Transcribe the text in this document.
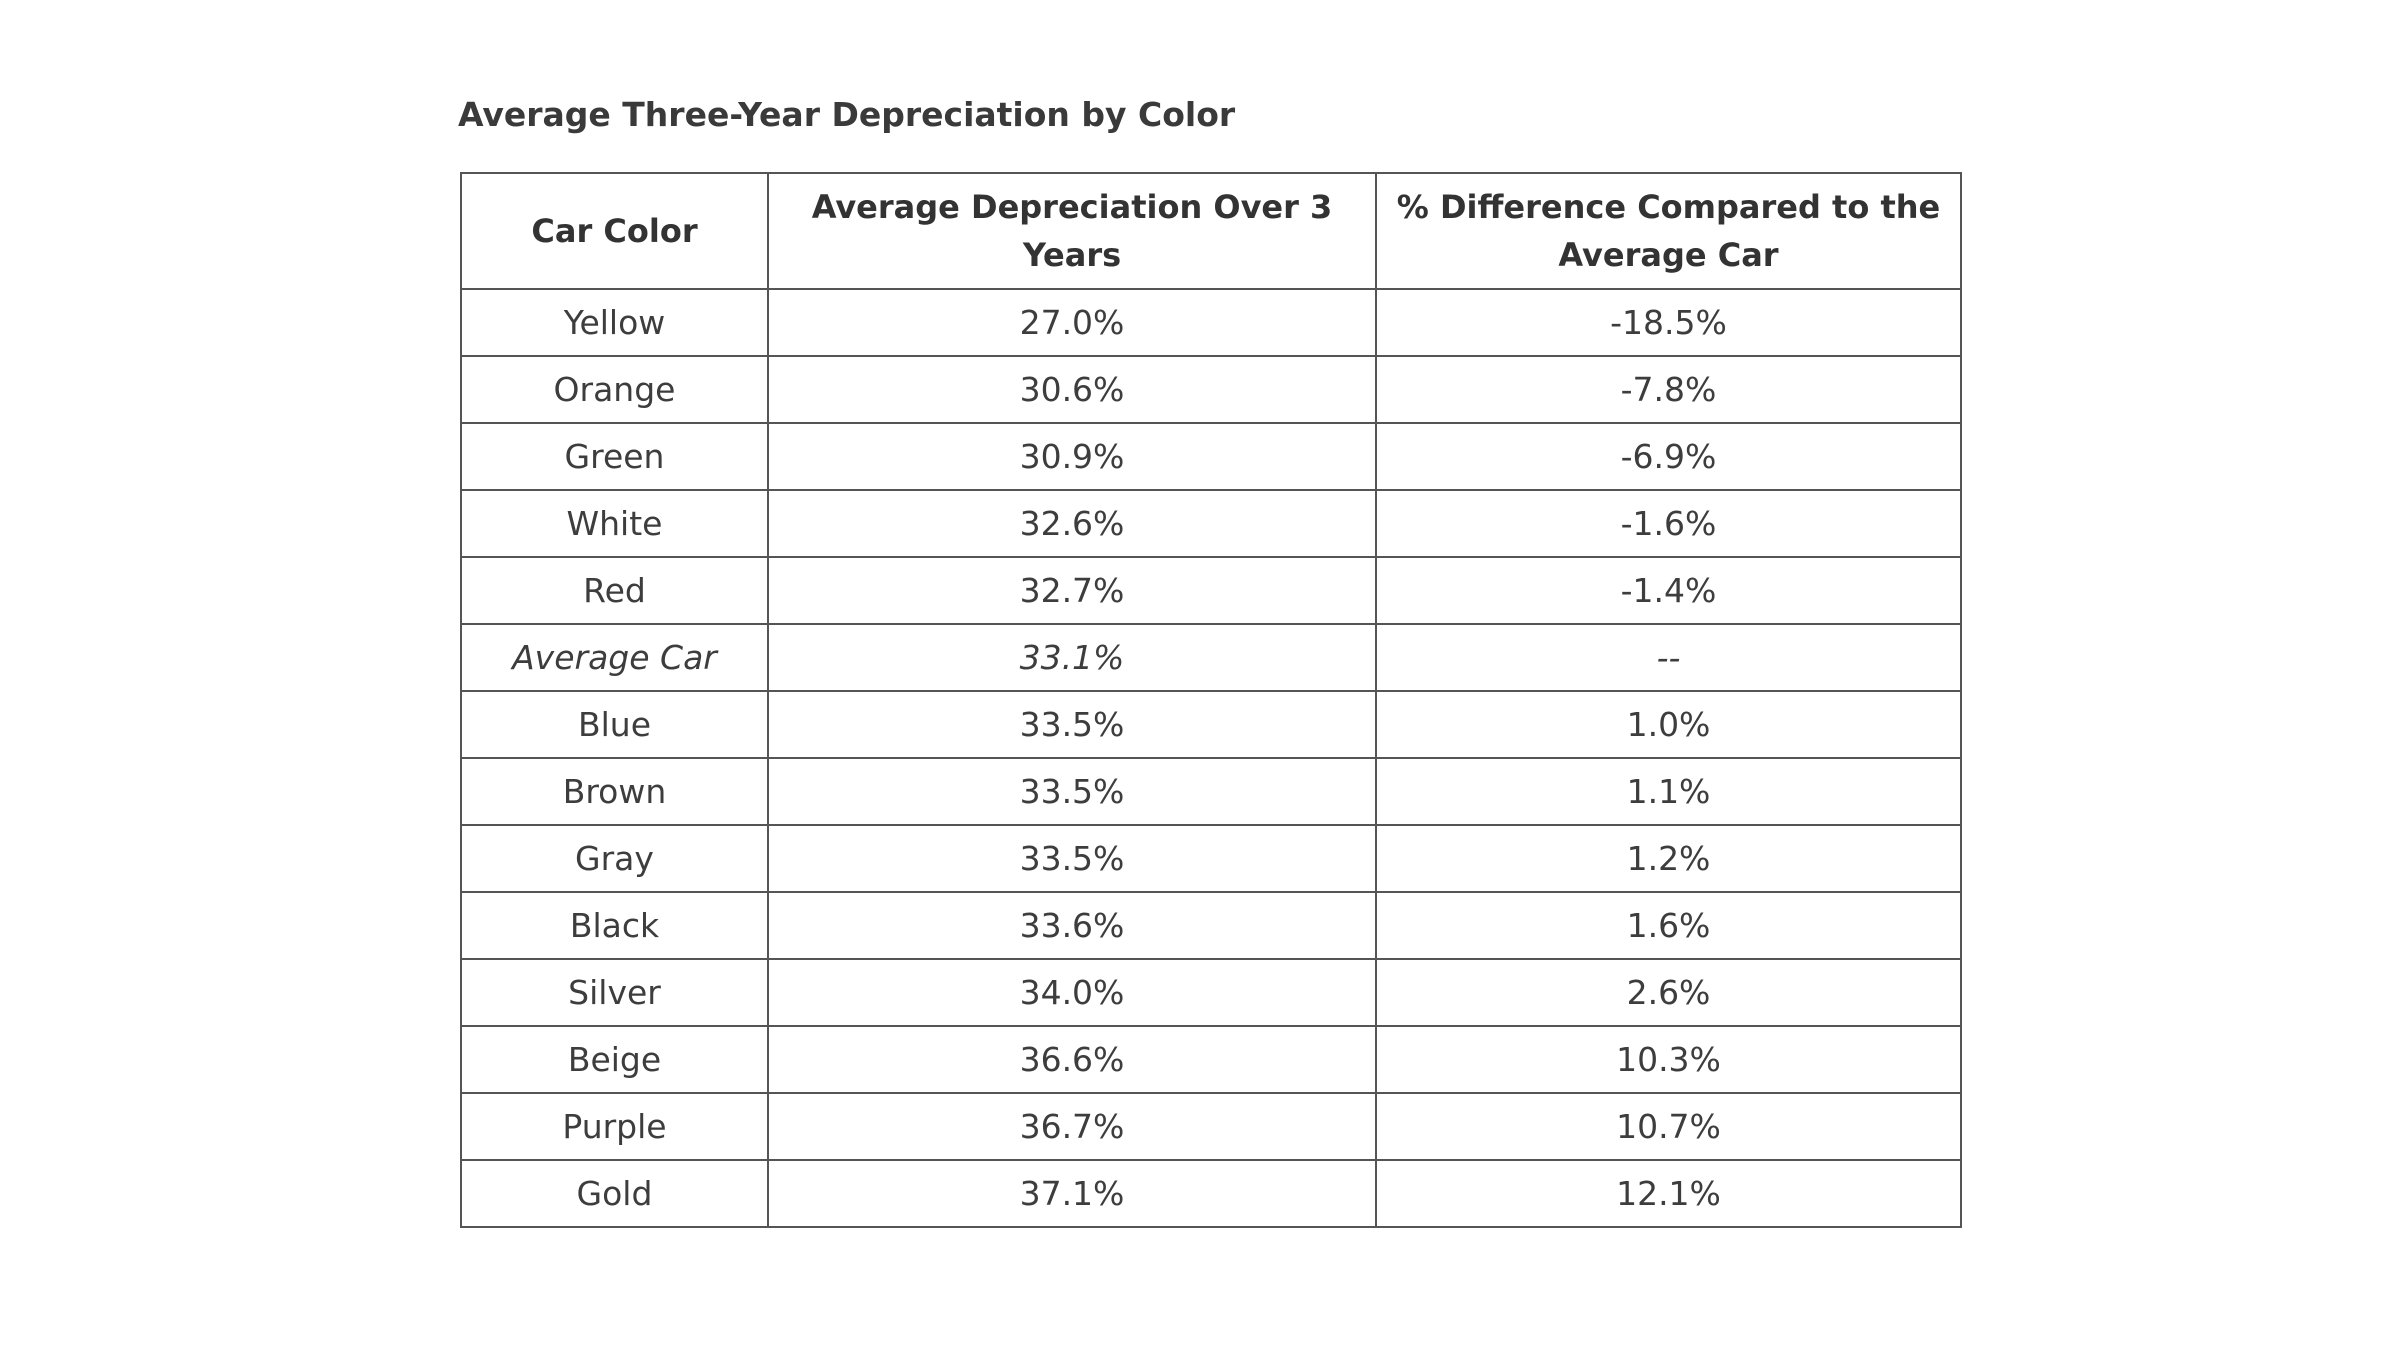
Average Three-Year Depreciation by Color
Car Color	Average Depreciation Over 3 Years	% Difference Compared to the Average Car
Yellow	27.0%	-18.5%
Orange	30.6%	-7.8%
Green	30.9%	-6.9%
White	32.6%	-1.6%
Red	32.7%	-1.4%
Average Car	33.1%	--
Blue	33.5%	1.0%
Brown	33.5%	1.1%
Gray	33.5%	1.2%
Black	33.6%	1.6%
Silver	34.0%	2.6%
Beige	36.6%	10.3%
Purple	36.7%	10.7%
Gold	37.1%	12.1%
